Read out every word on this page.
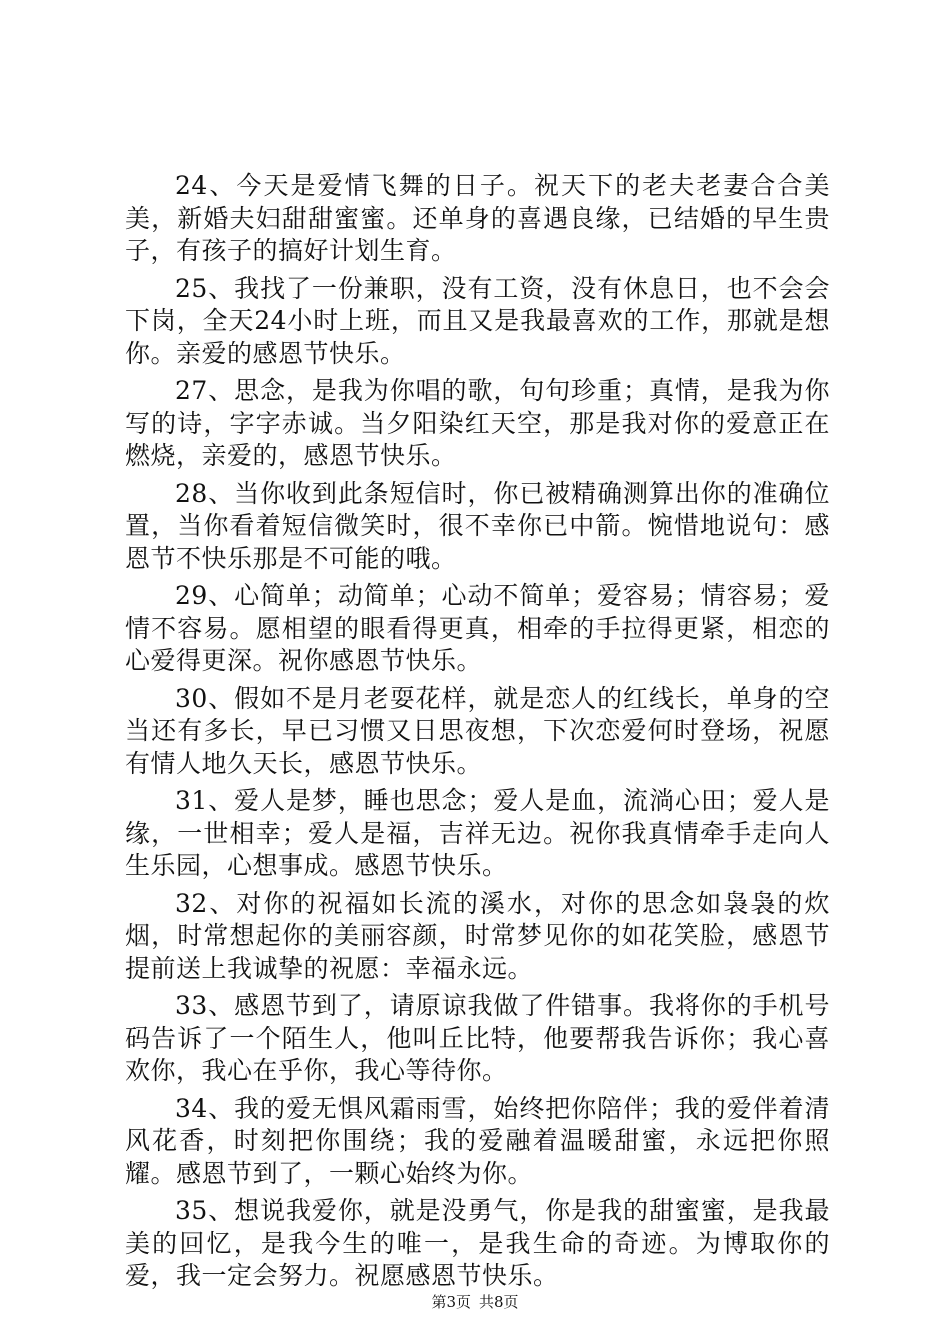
24、今天是爱情飞舞的日子。祝天下的老夫老妻合合美美，新婚夫妇甜甜蜜蜜。还单身的喜遇良缘，已结婚的早生贵子，有孩子的搞好计划生育。

25、我找了一份兼职，没有工资，没有休息日，也不会会下岗，全天24小时上班，而且又是我最喜欢的工作，那就是想你。亲爱的感恩节快乐。

27、思念，是我为你唱的歌，句句珍重；真情，是我为你写的诗，字字赤诚。当夕阳染红天空，那是我对你的爱意正在燃烧，亲爱的，感恩节快乐。

28、当你收到此条短信时，你已被精确测算出你的准确位置，当你看着短信微笑时，很不幸你已中箭。惋惜地说句：感恩节不快乐那是不可能的哦。

29、心简单；动简单；心动不简单；爱容易；情容易；爱情不容易。愿相望的眼看得更真，相牵的手拉得更紧，相恋的心爱得更深。祝你感恩节快乐。

30、假如不是月老耍花样，就是恋人的红线长，单身的空当还有多长，早已习惯又日思夜想，下次恋爱何时登场，祝愿有情人地久天长，感恩节快乐。

31、爱人是梦，睡也思念；爱人是血，流淌心田；爱人是缘，一世相幸；爱人是福，吉祥无边。祝你我真情牵手走向人生乐园，心想事成。感恩节快乐。

32、对你的祝福如长流的溪水，对你的思念如袅袅的炊烟，时常想起你的美丽容颜，时常梦见你的如花笑脸，感恩节提前送上我诚挚的祝愿：幸福永远。

33、感恩节到了，请原谅我做了件错事。我将你的手机号码告诉了一个陌生人，他叫丘比特，他要帮我告诉你；我心喜欢你，我心在乎你，我心等待你。

34、我的爱无惧风霜雨雪，始终把你陪伴；我的爱伴着清风花香，时刻把你围绕；我的爱融着温暖甜蜜，永远把你照耀。感恩节到了，一颗心始终为你。

35、想说我爱你，就是没勇气，你是我的甜蜜蜜，是我最美的回忆，是我今生的唯一，是我生命的奇迹。为博取你的爱，我一定会努力。祝愿感恩节快乐。

第3页 共8页
